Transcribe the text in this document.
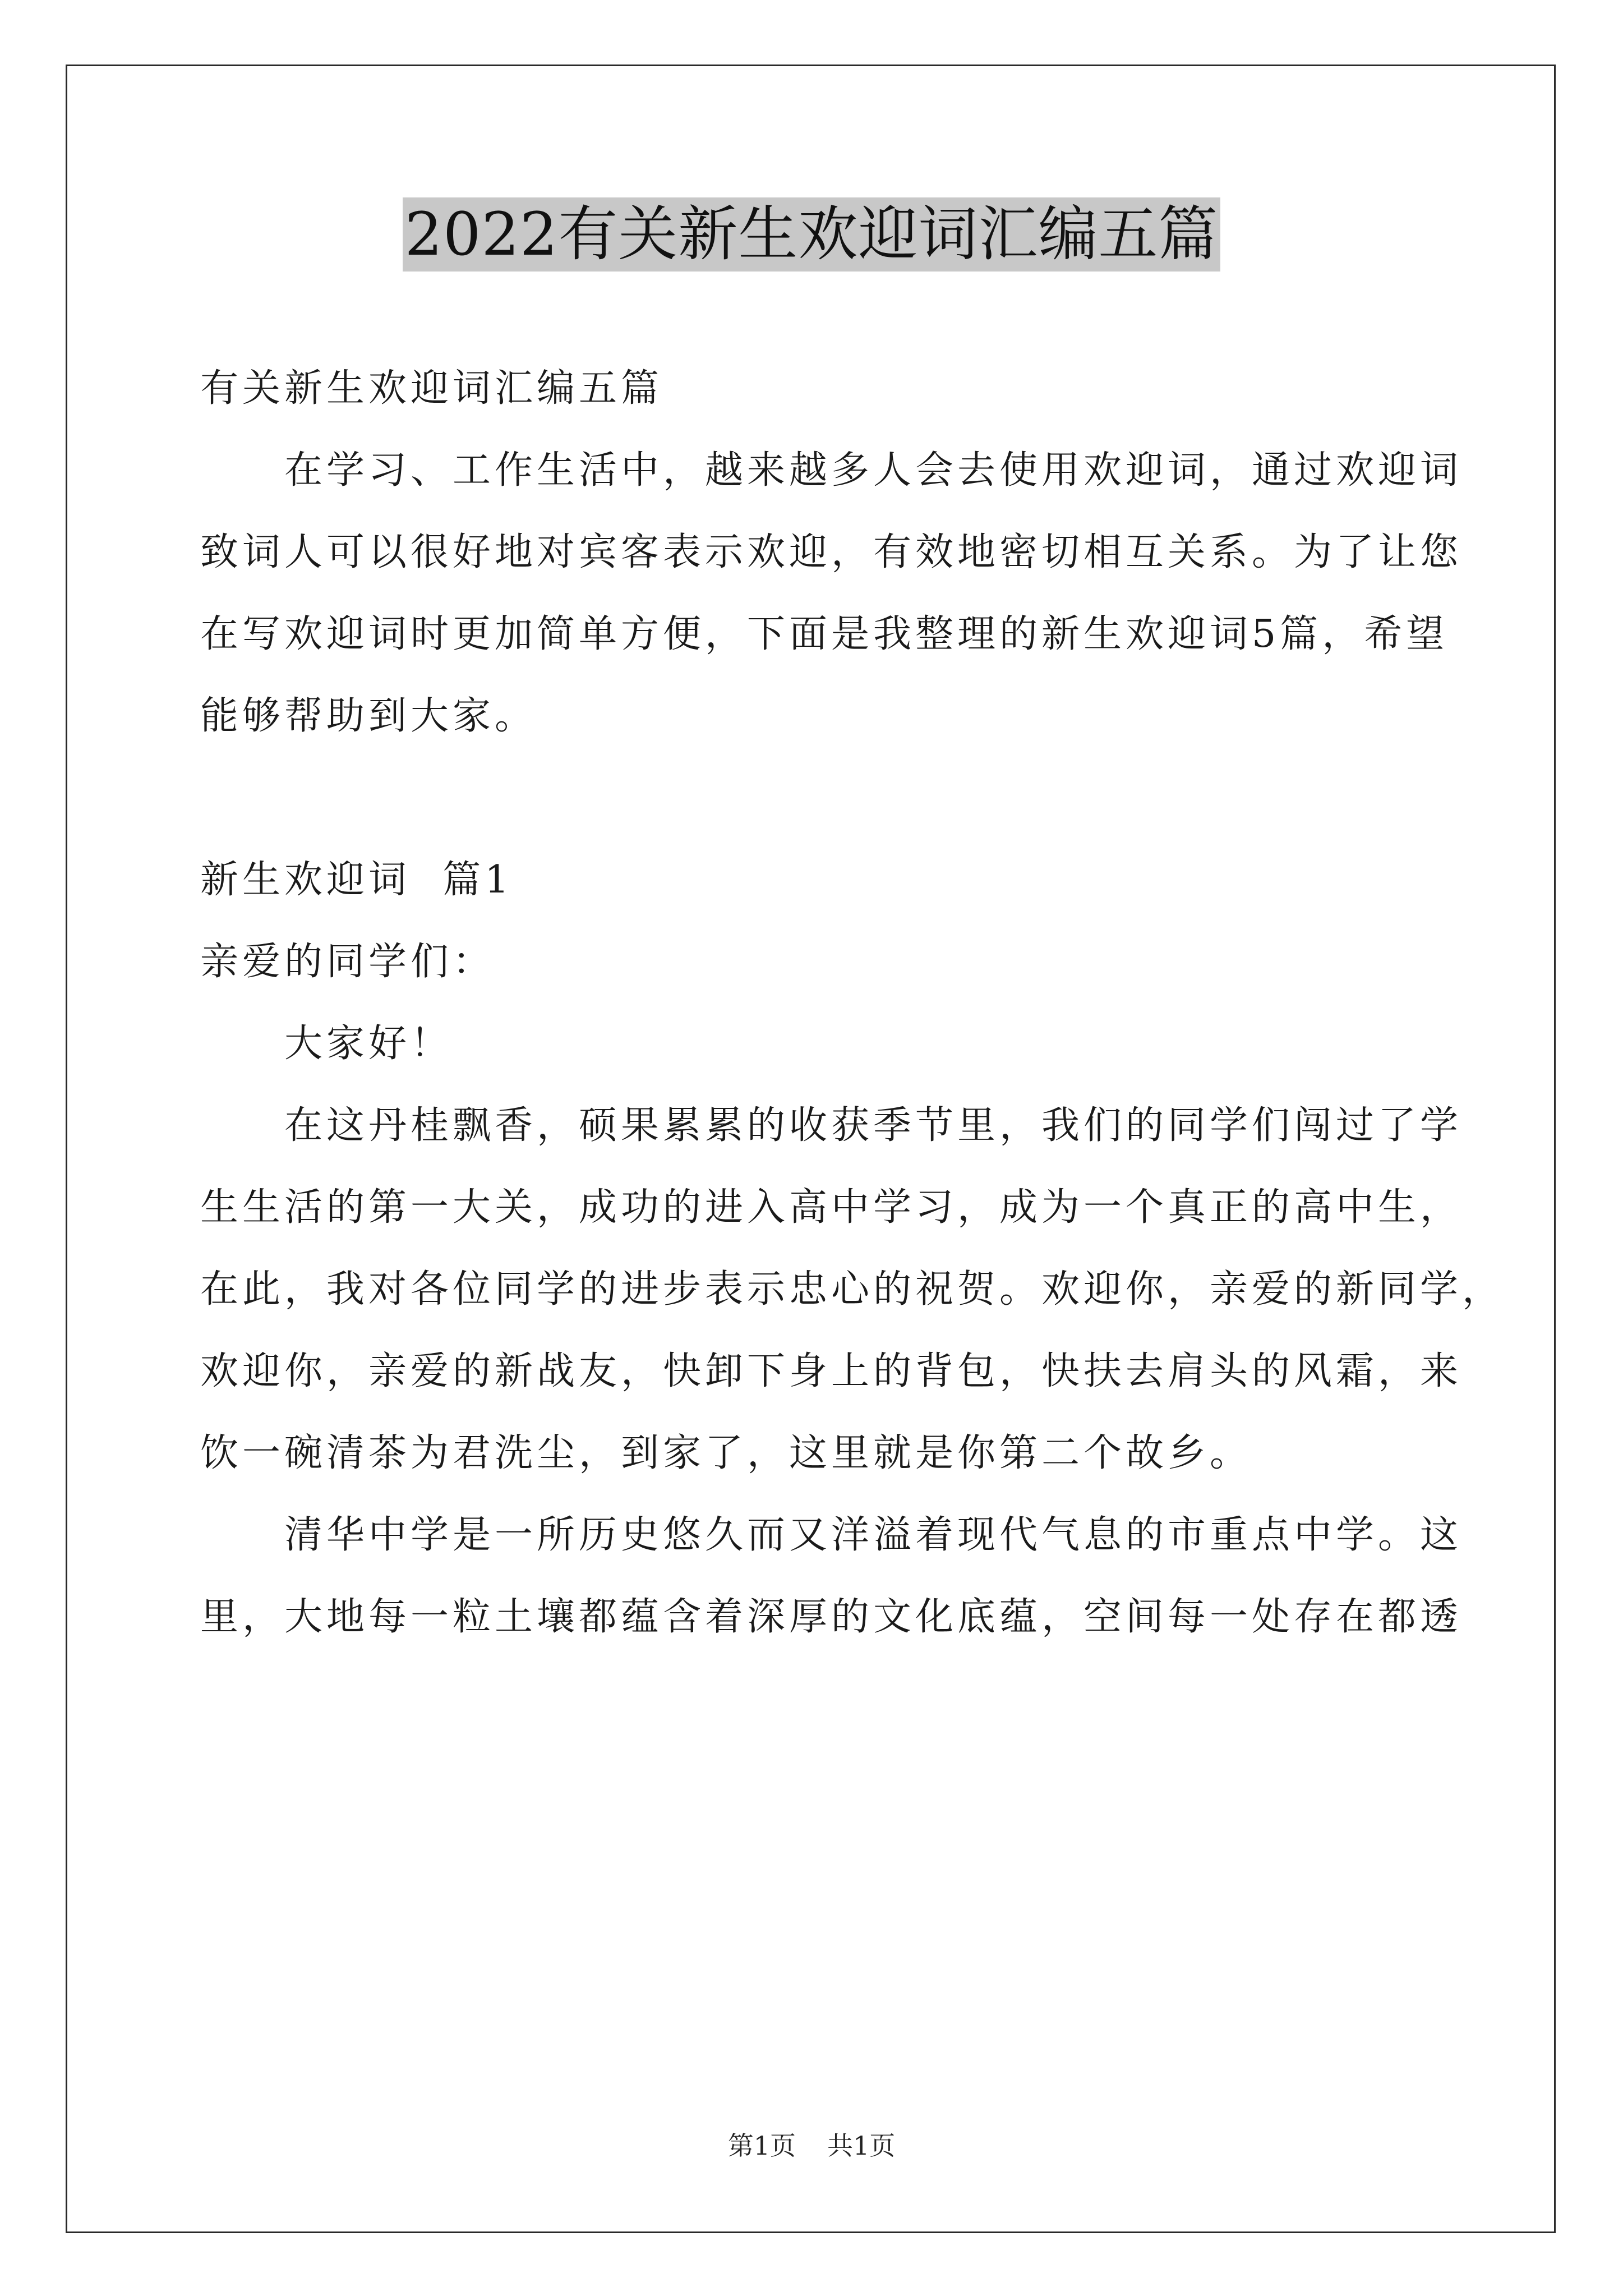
2022有关新生欢迎词汇编五篇
有关新生欢迎词汇编五篇
在学习、工作生活中，越来越多人会去使用欢迎词，通过欢迎词
致词人可以很好地对宾客表示欢迎，有效地密切相互关系。为了让您
在写欢迎词时更加简单方便，下面是我整理的新生欢迎词5篇，希望
能够帮助到大家。
新生欢迎词  篇1
亲爱的同学们：
大家好！
在这丹桂飘香，硕果累累的收获季节里，我们的同学们闯过了学
生生活的第一大关，成功的进入高中学习，成为一个真正的高中生，
在此，我对各位同学的进步表示忠心的祝贺。欢迎你，亲爱的新同学，
欢迎你，亲爱的新战友，快卸下身上的背包，快扶去肩头的风霜，来
饮一碗清茶为君洗尘，到家了，这里就是你第二个故乡。
清华中学是一所历史悠久而又洋溢着现代气息的市重点中学。这
里，大地每一粒土壤都蕴含着深厚的文化底蕴，空间每一处存在都透
第1页 共1页
